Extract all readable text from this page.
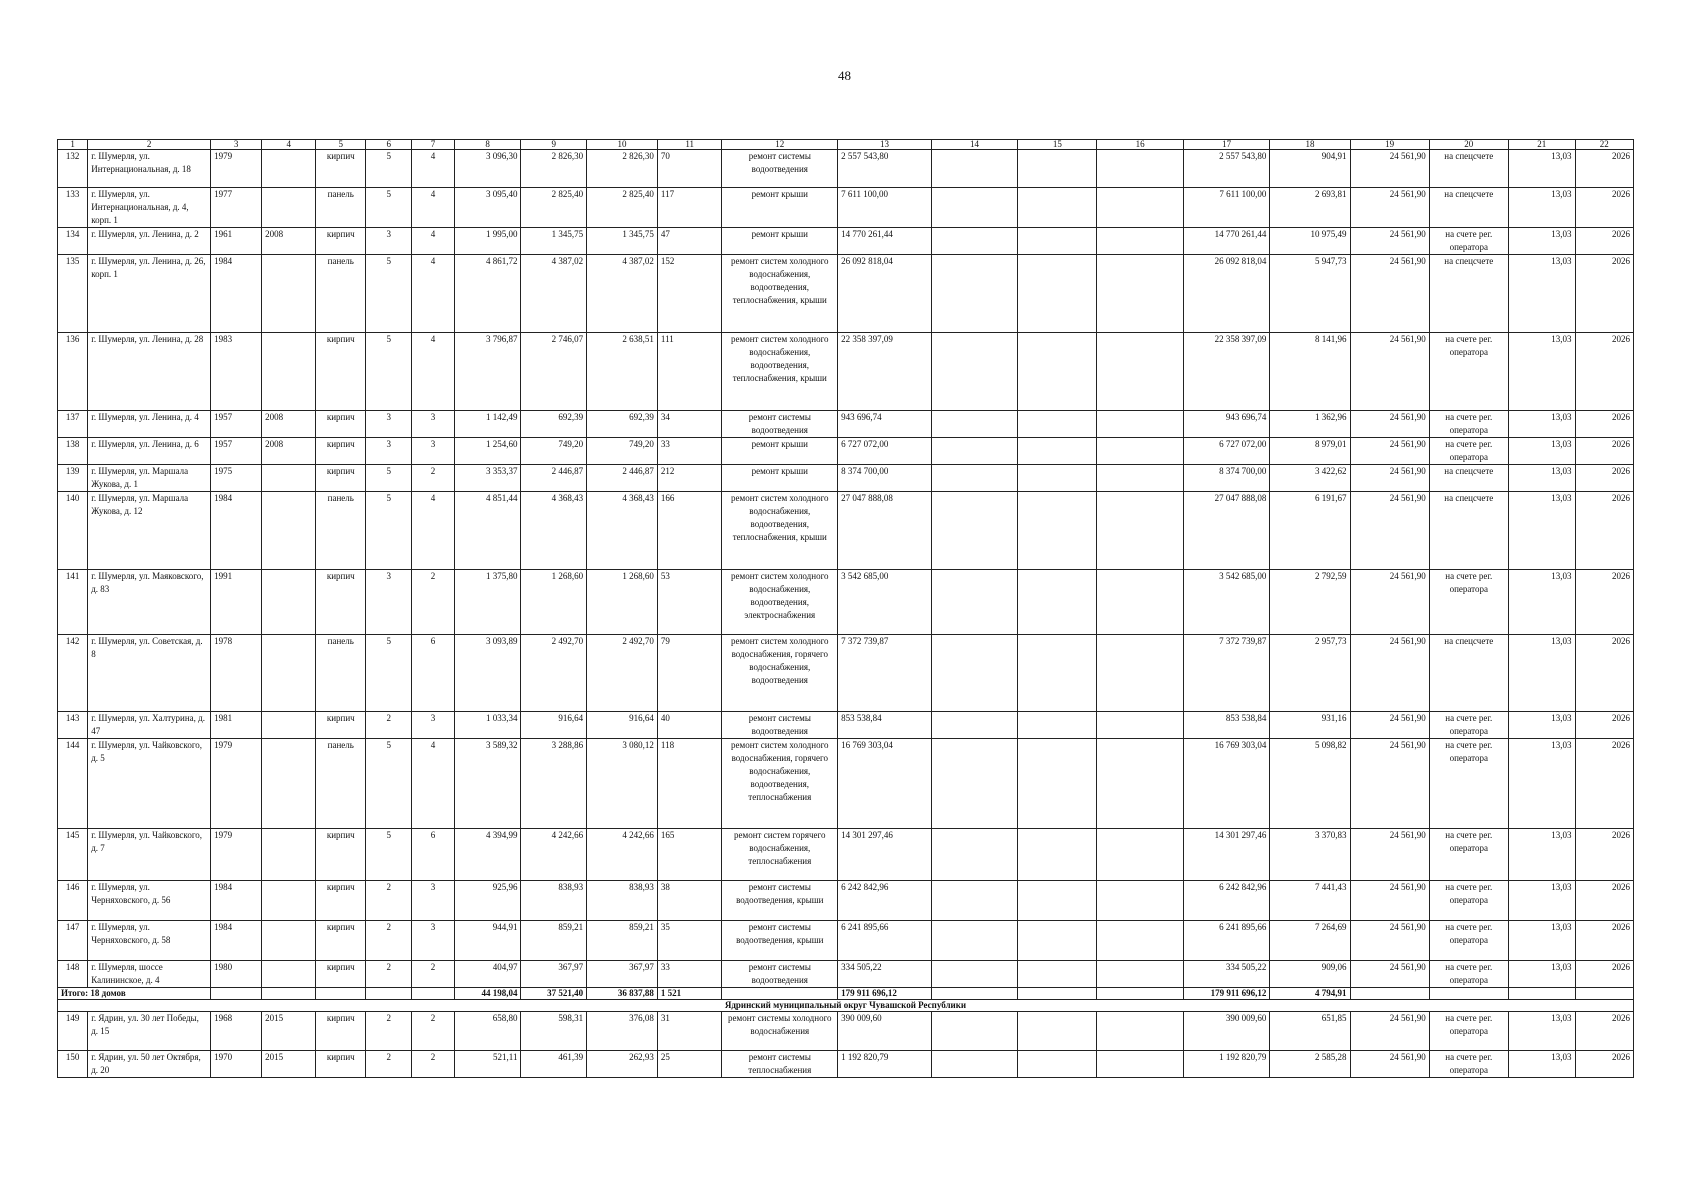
48
1	2	3	4	5	6	7	8	9	10	11	12	13	14	15	16	17	18	19	20	21	22
132	г. Шумерля, ул. Интернациональная, д. 18	1979		кирпич	5	4	3 096,30	2 826,30	2 826,30	70	ремонт системы водоотведения	2 557 543,80				2 557 543,80	904,91	24 561,90	на спецсчете	13,03	2026
133	г. Шумерля, ул. Интернациональная, д. 4, корп. 1	1977		панель	5	4	3 095,40	2 825,40	2 825,40	117	ремонт крыши	7 611 100,00				7 611 100,00	2 693,81	24 561,90	на спецсчете	13,03	2026
134	г. Шумерля, ул. Ленина, д. 2	1961	2008	кирпич	3	4	1 995,00	1 345,75	1 345,75	47	ремонт крыши	14 770 261,44				14 770 261,44	10 975,49	24 561,90	на счете рег. оператора	13,03	2026
135	г. Шумерля, ул. Ленина, д. 26, корп. 1	1984		панель	5	4	4 861,72	4 387,02	4 387,02	152	ремонт систем холодного водоснабжения, водоотведения, теплоснабжения, крыши	26 092 818,04				26 092 818,04	5 947,73	24 561,90	на спецсчете	13,03	2026
136	г. Шумерля, ул. Ленина, д. 28	1983		кирпич	5	4	3 796,87	2 746,07	2 638,51	111	ремонт систем холодного водоснабжения, водоотведения, теплоснабжения, крыши	22 358 397,09				22 358 397,09	8 141,96	24 561,90	на счете рег. оператора	13,03	2026
137	г. Шумерля, ул. Ленина, д. 4	1957	2008	кирпич	3	3	1 142,49	692,39	692,39	34	ремонт системы водоотведения	943 696,74				943 696,74	1 362,96	24 561,90	на счете рег. оператора	13,03	2026
138	г. Шумерля, ул. Ленина, д. 6	1957	2008	кирпич	3	3	1 254,60	749,20	749,20	33	ремонт крыши	6 727 072,00				6 727 072,00	8 979,01	24 561,90	на счете рег. оператора	13,03	2026
139	г. Шумерля, ул. Маршала Жукова, д. 1	1975		кирпич	5	2	3 353,37	2 446,87	2 446,87	212	ремонт крыши	8 374 700,00				8 374 700,00	3 422,62	24 561,90	на спецсчете	13,03	2026
140	г. Шумерля, ул. Маршала Жукова, д. 12	1984		панель	5	4	4 851,44	4 368,43	4 368,43	166	ремонт систем холодного водоснабжения, водоотведения, теплоснабжения, крыши	27 047 888,08				27 047 888,08	6 191,67	24 561,90	на спецсчете	13,03	2026
141	г. Шумерля, ул. Маяковского, д. 83	1991		кирпич	3	2	1 375,80	1 268,60	1 268,60	53	ремонт систем холодного водоснабжения, водоотведения, электроснабжения	3 542 685,00				3 542 685,00	2 792,59	24 561,90	на счете рег. оператора	13,03	2026
142	г. Шумерля, ул. Советская, д. 8	1978		панель	5	6	3 093,89	2 492,70	2 492,70	79	ремонт систем холодного водоснабжения, горячего водоснабжения, водоотведения	7 372 739,87				7 372 739,87	2 957,73	24 561,90	на спецсчете	13,03	2026
143	г. Шумерля, ул. Халтурина, д. 47	1981		кирпич	2	3	1 033,34	916,64	916,64	40	ремонт системы водоотведения	853 538,84				853 538,84	931,16	24 561,90	на счете рег. оператора	13,03	2026
144	г. Шумерля, ул. Чайковского, д. 5	1979		панель	5	4	3 589,32	3 288,86	3 080,12	118	ремонт систем холодного водоснабжения, горячего водоснабжения, водоотведения, теплоснабжения	16 769 303,04				16 769 303,04	5 098,82	24 561,90	на счете рег. оператора	13,03	2026
145	г. Шумерля, ул. Чайковского, д. 7	1979		кирпич	5	6	4 394,99	4 242,66	4 242,66	165	ремонт систем горячего водоснабжения, теплоснабжения	14 301 297,46				14 301 297,46	3 370,83	24 561,90	на счете рег. оператора	13,03	2026
146	г. Шумерля, ул. Черняховского, д. 56	1984		кирпич	2	3	925,96	838,93	838,93	38	ремонт системы водоотведения, крыши	6 242 842,96				6 242 842,96	7 441,43	24 561,90	на счете рег. оператора	13,03	2026
147	г. Шумерля, ул. Черняховского, д. 58	1984		кирпич	2	3	944,91	859,21	859,21	35	ремонт системы водоотведения, крыши	6 241 895,66				6 241 895,66	7 264,69	24 561,90	на счете рег. оператора	13,03	2026
148	г. Шумерля, шоссе Калининское, д. 4	1980		кирпич	2	2	404,97	367,97	367,97	33	ремонт системы водоотведения	334 505,22				334 505,22	909,06	24 561,90	на счете рег. оператора	13,03	2026
Итого: 18 домов							44 198,04	37 521,40	36 837,88	1 521		179 911 696,12				179 911 696,12	4 794,91				
Ядринский муниципальный округ Чувашской Республики																					
149	г. Ядрин, ул. 30 лет Победы, д. 15	1968	2015	кирпич	2	2	658,80	598,31	376,08	31	ремонт системы холодного водоснабжения	390 009,60				390 009,60	651,85	24 561,90	на счете рег. оператора	13,03	2026
150	г. Ядрин, ул. 50 лет Октября, д. 20	1970	2015	кирпич	2	2	521,11	461,39	262,93	25	ремонт системы теплоснабжения	1 192 820,79				1 192 820,79	2 585,28	24 561,90	на счете рег. оператора	13,03	2026
